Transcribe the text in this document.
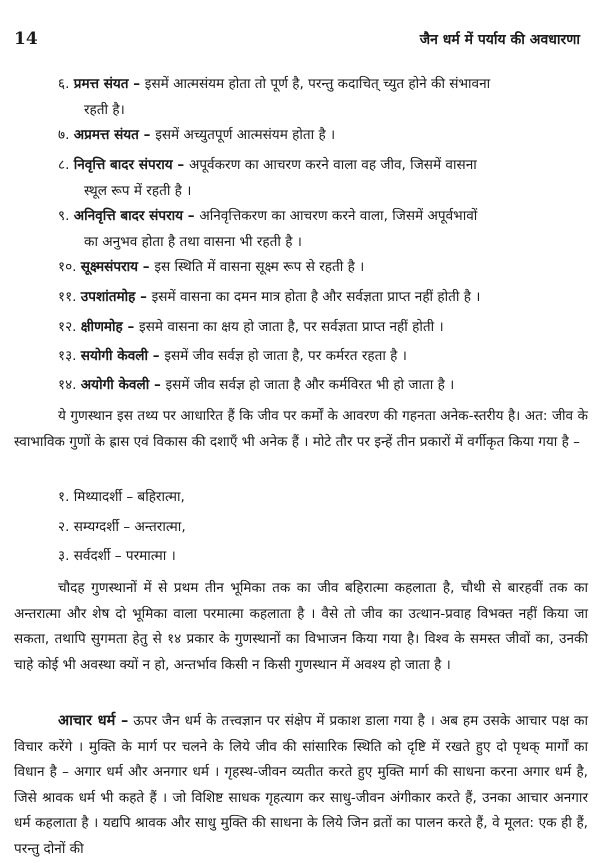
14	जैन धर्म में पर्याय की अवधारणा
६. प्रमत्त संयत – इसमें आत्मसंयम होता तो पूर्ण है, परन्तु कदाचित् च्युत होने की संभावना
रहती है।
७. अप्रमत्त संयत – इसमें अच्युतपूर्ण आत्मसंयम होता है ।
८. निवृत्ति बादर संपराय – अपूर्वकरण का आचरण करने वाला वह जीव, जिसमें वासना
स्थूल रूप में रहती है ।
९. अनिवृत्ति बादर संपराय – अनिवृत्तिकरण का आचरण करने वाला, जिसमें अपूर्वभावों
का अनुभव होता है तथा वासना भी रहती है ।
१०. सूक्ष्मसंपराय – इस स्थिति में वासना सूक्ष्म रूप से रहती है ।
११. उपशांतमोह – इसमें वासना का दमन मात्र होता है और सर्वज्ञता प्राप्त नहीं होती है ।
१२. क्षीणमोह – इसमे वासना का क्षय हो जाता है, पर सर्वज्ञता प्राप्त नहीं होती ।
१३. सयोगी केवली – इसमें जीव सर्वज्ञ हो जाता है, पर कर्मरत रहता है ।
१४. अयोगी केवली – इसमें जीव सर्वज्ञ हो जाता है और कर्मविरत भी हो जाता है ।

ये गुणस्थान इस तथ्य पर आधारित हैं कि जीव पर कर्मों के आवरण की गहनता अनेक-स्तरीय है। अत: जीव के स्वाभाविक गुणों के ह्रास एवं विकास की दशाएँ भी अनेक हैं । मोटे तौर पर इन्हें तीन प्रकारों में वर्गीकृत किया गया है –

१. मिथ्यादर्शी – बहिरात्मा,
२. सम्यग्दर्शी – अन्तरात्मा,
३. सर्वदर्शी – परमात्मा ।

चौदह गुणस्थानों में से प्रथम तीन भूमिका तक का जीव बहिरात्मा कहलाता है, चौथी से बारहवीं तक का अन्तरात्मा और शेष दो भूमिका वाला परमात्मा कहलाता है । वैसे तो जीव का उत्थान-प्रवाह विभक्त नहीं किया जा सकता, तथापि सुगमता हेतु से १४ प्रकार के गुणस्थानों का विभाजन किया गया है। विश्व के समस्त जीवों का, उनकी चाहे कोई भी अवस्था क्यों न हो, अन्तर्भाव किसी न किसी गुणस्थान में अवश्य हो जाता है ।

आचार धर्म – ऊपर जैन धर्म के तत्त्वज्ञान पर संक्षेप में प्रकाश डाला गया है । अब हम उसके आचार पक्ष का विचार करेंगे । मुक्ति के मार्ग पर चलने के लिये जीव की सांसारिक स्थिति को दृष्टि में रखते हुए दो पृथक् मार्गों का विधान है – अगार धर्म और अनगार धर्म । गृहस्थ-जीवन व्यतीत करते हुए मुक्ति मार्ग की साधना करना अगार धर्म है, जिसे श्रावक धर्म भी कहते हैं । जो विशिष्ट साधक गृहत्याग कर साधु-जीवन अंगीकार करते हैं, उनका आचार अनगार धर्म कहलाता है । यद्यपि श्रावक और साधु मुक्ति की साधना के लिये जिन व्रतों का पालन करते हैं, वे मूलत: एक ही हैं, परन्तु दोनों की
